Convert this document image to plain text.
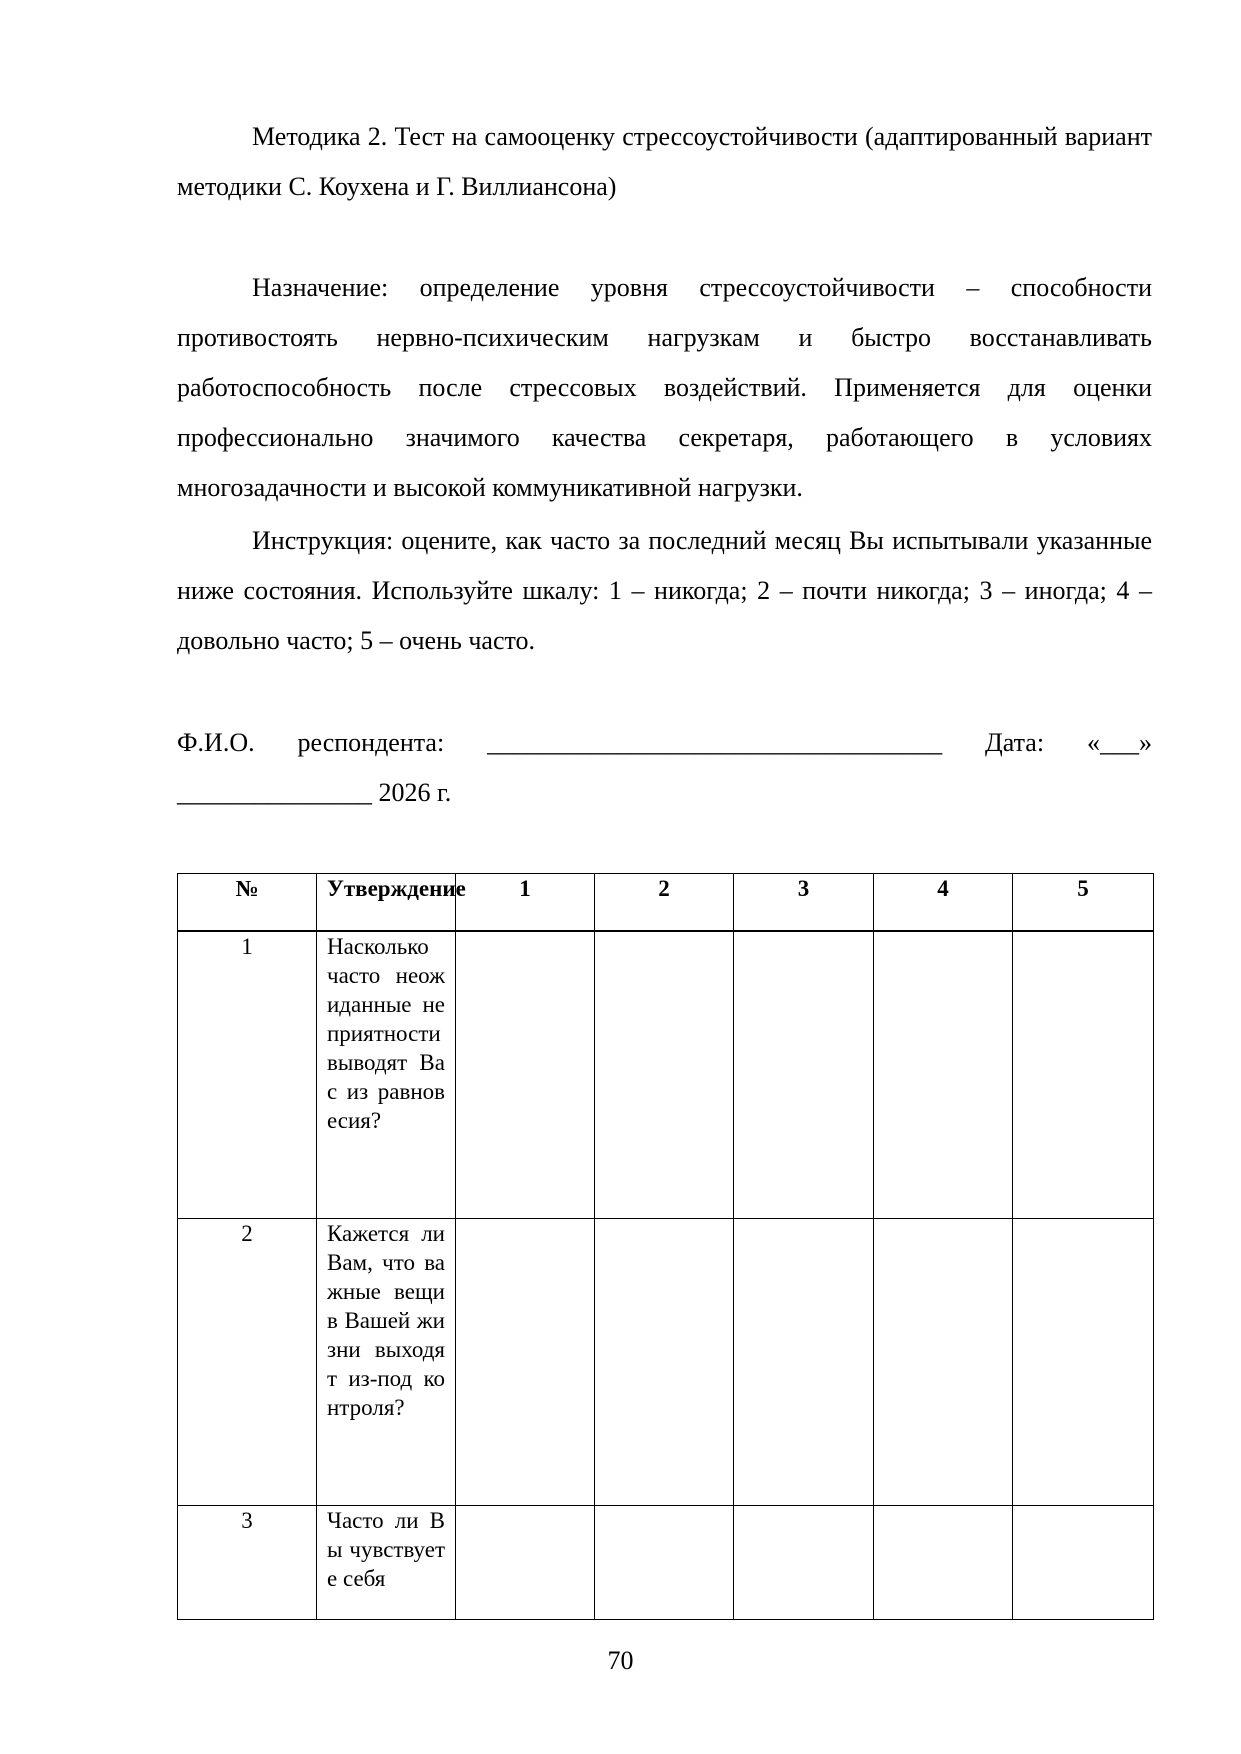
Методика 2. Тест на самооценку стрессоустойчивости (адаптированный вариант методики С. Коухена и Г. Виллиансона)
Назначение: определение уровня стрессоустойчивости – способности противостоять нервно-психическим нагрузкам и быстро восстанавливать работоспособность после стрессовых воздействий. Применяется для оценки профессионально значимого качества секретаря, работающего в условиях многозадачности и высокой коммуникативной нагрузки.
Инструкция: оцените, как часто за последний месяц Вы испытывали указанные ниже состояния. Используйте шкалу: 1 – никогда; 2 – почти никогда; 3 – иногда; 4 – довольно часто; 5 – очень часто.
Ф.И.О. респондента: ___________________________________ Дата: «___» _______________ 2026 г.
№	Утверждение	1	2	3	4	5
1	Насколько часто неожиданные неприятности выводят Вас из равновесия?					
2	Кажется ли Вам, что важные вещи в Вашей жизни выходят из-под контроля?					
3	Часто ли Вы чувствуете себя					
70
